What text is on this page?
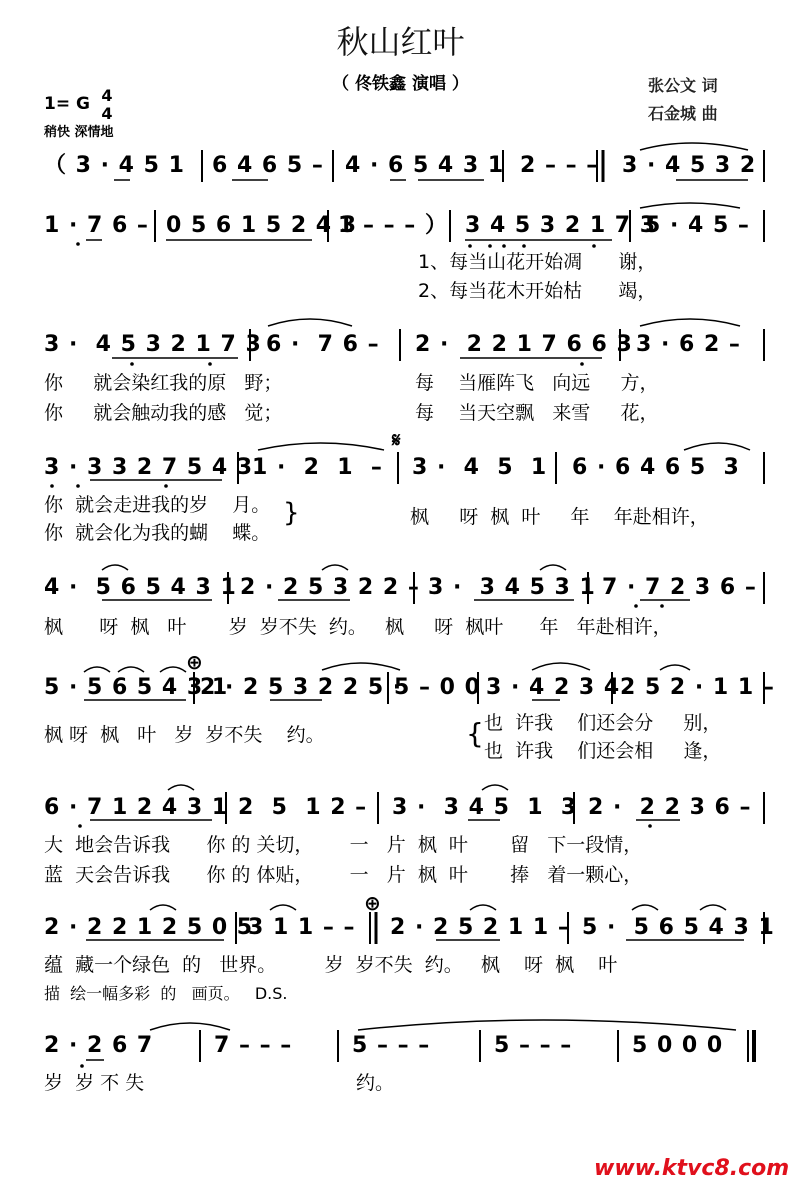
秋山红叶
（ 佟铁鑫 演唱 ）	张公文 词
石金城 曲
1= G 4
4
稍快 深情地
（ 3 · 4 5 1 6 4 6 5 – 4 · 6 5 4 3 1 2 – – – 3 · 4 5 3 2
1 · 7 6 – 0 5 6 1 5 2 4 3
1 – – – ） 3 4 5 3 2 1 7 3
5 · 4 5 –
1、每当山花开始凋      谢，
2、每当花木开始枯      竭，
3 ·  4 5 3 2 1 7 3 6 ·  7 6 – 2 ·  2 2 1 7 6 6 3 3 · 6 2 –
你     就会染红我的原   野；	每    当雁阵飞   向远     方，
你     就会触动我的感   觉；	每    当天空飘   来雪     花，
𝄋
3 · 3 3 2 7 5 4 3
1 ·  2  1  – 3 ·  4  5  1 6 · 6 4 6 5  3
你  就会走进我的岁    月。
你  就会化为我的蝴    蝶。
}	枫     呀  枫  叶     年    年赴相许，
4 ·  5 6 5 4 3 1 2 · 2 5 3 2 2 – 3 ·  3 4 5 3 1 7 · 7 2 3 6 –
枫      呀  枫   叶       岁  岁不失  约。   枫     呀  枫叶      年   年赴相许，
⊕
5 · 5 6 5 4 3 1
2 · 2 5 3 2 2 5 ·
5 – 0 0 3 · 4 2 3 4 2 5 2 · 1 1 –
枫 呀  枫   叶   岁  岁不失    约。	{ 也  许我    们还会分     别，
也  许我    们还会相     逢，
6 · 7 1 2 4 3 1 2  5  1 2 – 3 ·  3 4 5  1  3 2 ·  2 2 3 6 –
大  地会告诉我      你 的 关切，      一   片  枫  叶       留   下一段情，
蓝  天会告诉我      你 的 体贴，      一   片  枫  叶       捧   着一颗心，
⊕
2 · 2 2 1 2 5 0 5
3 1 1 – – 2 · 2 5 2 1 1 – 5 ·  5 6 5 4 3 1
蕴  藏一个绿色  的   世界。        岁  岁不失  约。   枫    呀  枫    叶
描  绘一幅多彩  的   画页。   D.S.
2 · 2 6 7	7 – – –	5 – – –	5 – – –	5 0 0 0
岁  岁 不 失	约。
www.ktvc8.com
